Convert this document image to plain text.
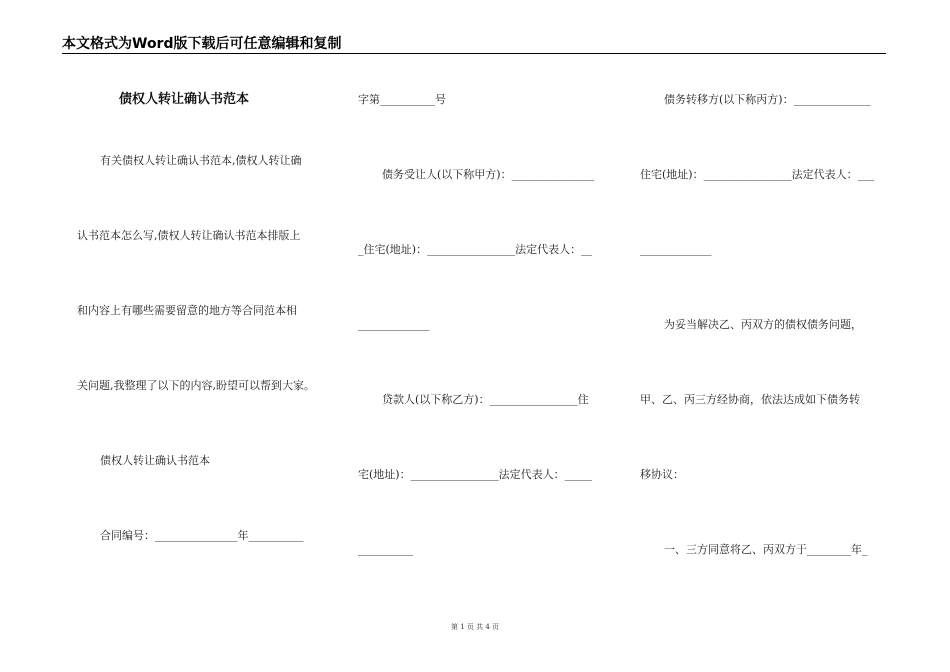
本文格式为Word版下载后可任意编辑和复制
债权人转让确认书范本
有关债权人转让确认书范本,债权人转让确
认书范本怎么写,债权人转让确认书范本排版上
和内容上有哪些需要留意的地方等合同范本相
关问题,我整理了以下的内容,盼望可以帮到大家。
债权人转让确认书范本
合同编号：_______________年__________
字第__________号
债务受让人(以下称甲方)：_______________
_住宅(地址)：________________法定代表人：__
_____________
贷款人(以下称乙方)：________________住
宅(地址)：________________法定代表人：_____
__________
债务转移方(以下称丙方)：______________
住宅(地址)：________________法定代表人：___
_____________
为妥当解决乙、丙双方的债权债务问题，
甲、乙、丙三方经协商，依法达成如下债务转
移协议：
一、三方同意将乙、丙双方于________年_
第 1 页 共 4 页
